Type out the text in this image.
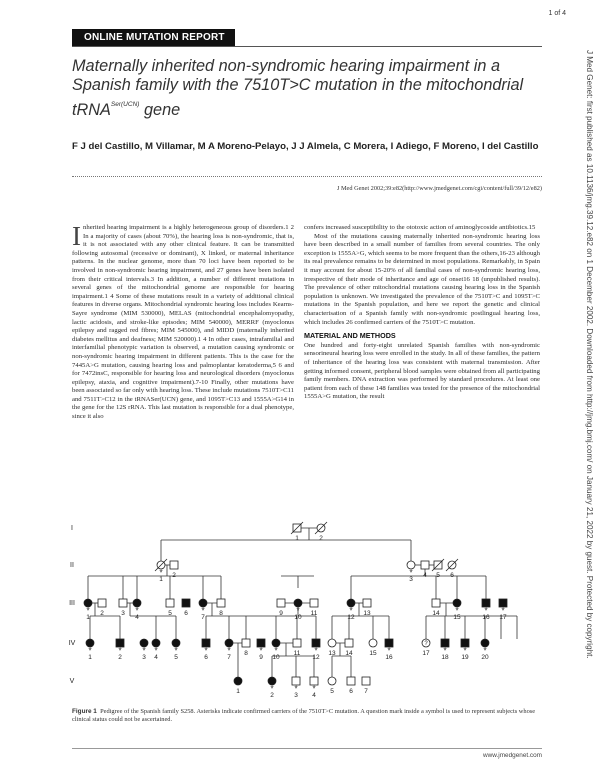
1 of 4
J Med Genet: first published as 10.1136/jmg.39.12.e82 on 1 December 2002. Downloaded from http://jmg.bmj.com/ on January 21, 2022 by guest. Protected by copyright.
ONLINE MUTATION REPORT
Maternally inherited non-syndromic hearing impairment in a Spanish family with the 7510T>C mutation in the mitochondrial tRNA$^{Ser(UCN)}$ gene
F J del Castillo, M Villamar, M A Moreno-Pelayo, J J Almela, C Morera, I Adiego, F Moreno, I del Castillo
J Med Genet 2002;39:e82(http://www.jmedgenet.com/cgi/content/full/39/12/e82)
I nherited hearing impairment is a highly heterogeneous group of disorders.1 2 In a majority of cases (about 70%), the hearing loss is non-syndromic, that is, it is not associated with any other clinical feature. It can be transmitted following autosomal (recessive or dominant), X linked, or maternal inheritance patterns. In the nuclear genome, more than 70 loci have been reported to be involved in non-syndromic hearing impairment, and 27 genes have been isolated from their critical intervals.3 In addition, a number of different mutations in several genes of the mitochondrial genome are responsible for hearing impairment.1 4 Some of these mutations result in a variety of additional clinical features in diverse organs. Mitochondrial syndromic hearing loss includes Kearns-Sayre syndrome (MIM 530000), MELAS (mitochondrial encephalomyopathy, lactic acidosis, and stroke-like episodes; MIM 540000), MERRF (myoclonus epilepsy and ragged red fibres; MIM 545000), and MIDD (maternally inherited diabetes mellitus and deafness; MIM 520000).1 4 In other cases, intrafamilial and interfamilial phenotypic variation is observed, a mutation causing syndromic or non-syndromic hearing impairment in different patients. This is the case for the 7445A>G mutation, causing hearing loss and palmoplantar keratoderma,5 6 and for 7472insC, responsible for hearing loss and neurological disorders (myoclonus epilepsy, ataxia, and cognitive impairment).7-10 Finally, other mutations have been associated so far only with hearing loss. These include mutations 7510T>C11 and 7511T>C12 in the tRNASer(UCN) gene, and 1095T>C13 and 1555A>G14 in the gene for the 12S rRNA. This last mutation is responsible for a dual phenotype, since it also

confers increased susceptibility to the ototoxic action of aminoglycoside antibiotics.15

Most of the mutations causing maternally inherited non-syndromic hearing loss have been described in a small number of families from several countries. The only exception is 1555A>G, which seems to be more frequent than the others,16-23 although its real prevalence remains to be determined in most populations. Remarkably, in Spain it may account for about 15-20% of all familial cases of non-syndromic hearing loss, irrespective of their mode of inheritance and age of onset16 18 (unpublished results). The prevalence of other mitochondrial mutations causing hearing loss in the Spanish population is unknown. We investigated the prevalence of the 7510T>C and 1095T>C mutations in the Spanish population, and here we report the genetic and clinical characterisation of a Spanish family with non-syndromic postlingual hearing loss, which includes 26 confirmed carriers of the 7510T>C mutation.

MATERIAL AND METHODS

One hundred and forty-eight unrelated Spanish families with non-syndromic sensorineural hearing loss were enrolled in the study. In all of these families, the pattern of inheritance of the hearing loss was consistent with maternal transmission. After getting informed consent, peripheral blood samples were obtained from all participating family members. DNA extraction was performed by standard procedures. At least one patient from each of these 148 families was tested for the presence of the mitochondrial 1555A>G mutation, the result

I
II
III
IV
V
1	2
*
1
2	*
3
4 5 6
*
1
2	3 *
4
5 6 *
7
8	9 *
10
11	*
12
13	14 *
15
*
16
*
17
*
1
*
2
*
3
*
4
*
5
*
6
*
7
8 *
9
*
10
11 *
12
13 14	15 *
16
?
17 *
18
*
19
*
20
1	*
2
*
3
*
4
5 6 7
Figure 1 Pedigree of the Spanish family S258. Asterisks indicate confirmed carriers of the 7510T>C mutation. A question mark inside a symbol is used to represent subjects whose clinical status could not be ascertained.
www.jmedgenet.com
